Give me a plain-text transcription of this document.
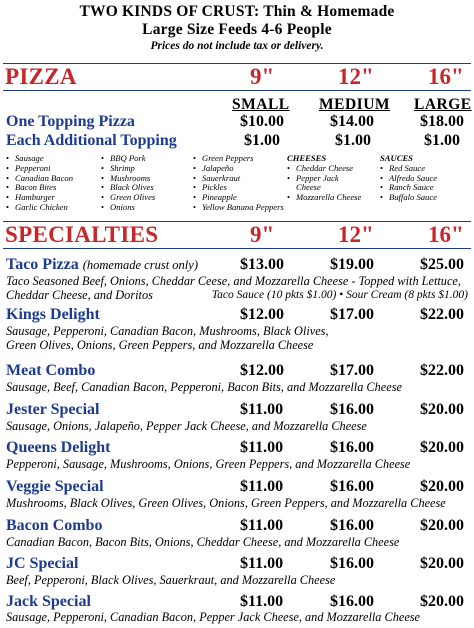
TWO KINDS OF CRUST: Thin & Homemade
Large Size Feeds 4-6 People
Prices do not include tax or delivery.
PIZZA	9"	12" 16"
SMALL MEDIUM LARGE
One Topping Pizza	$10.00	$14.00	$18.00
Each Additional Topping	$1.00	$1.00	$1.00
• Sausage
• Pepperoni
• Canadian Bacon
• Bacon Bites
• Hamburger
• Garlic Chicken
• BBQ Pork
• Shrimp
• Mushrooms
• Black Olives
• Green Olives
• Onions
• Green Peppers
• Jalapeño
• Sauerkraut
• Pickles
• Pineapple
• Yellow Banana Peppers
CHEESES
• Cheddar Cheese
• Pepper Jack Cheese
• Mozzarella Cheese
SAUCES
• Red Sauce
• Alfredo Sauce
• Ranch Sauce
• Buffalo Sauce
SPECIALTIES	9"	12" 16"
Taco Pizza (homemade crust only)	$13.00	$19.00	$25.00
Taco Seasoned Beef, Onions, Cheddar Ceese, and Mozzarella Cheese - Topped with Lettuce,
Cheddar Cheese, and Doritos	Taco Sauce (10 pkts $1.00) • Sour Cream (8 pkts $1.00)
Kings Delight	$12.00	$17.00	$22.00
Sausage, Pepperoni, Canadian Bacon, Mushrooms, Black Olives,
Green Olives, Onions, Green Peppers, and Mozzarella Cheese
Meat Combo	$12.00	$17.00	$22.00
Sausage, Beef, Canadian Bacon, Pepperoni, Bacon Bits, and Mozzarella Cheese
Jester Special	$11.00	$16.00	$20.00
Sausage, Onions, Jalapeño, Pepper Jack Cheese, and Mozzarella Cheese
Queens Delight	$11.00	$16.00	$20.00
Pepperoni, Sausage, Mushrooms, Onions, Green Peppers, and Mozzarella Cheese
Veggie Special	$11.00	$16.00	$20.00
Mushrooms, Black Olives, Green Olives, Onions, Green Peppers, and Mozzarella Cheese
Bacon Combo	$11.00	$16.00	$20.00
Canadian Bacon, Bacon Bits, Onions, Cheddar Cheese, and Mozzarella Cheese
JC Special	$11.00	$16.00	$20.00
Beef, Pepperoni, Black Olives, Sauerkraut, and Mozzarella Cheese
Jack Special	$11.00	$16.00	$20.00
Sausage, Pepperoni, Canadian Bacon, Pepper Jack Cheese, and Mozzarella Cheese
